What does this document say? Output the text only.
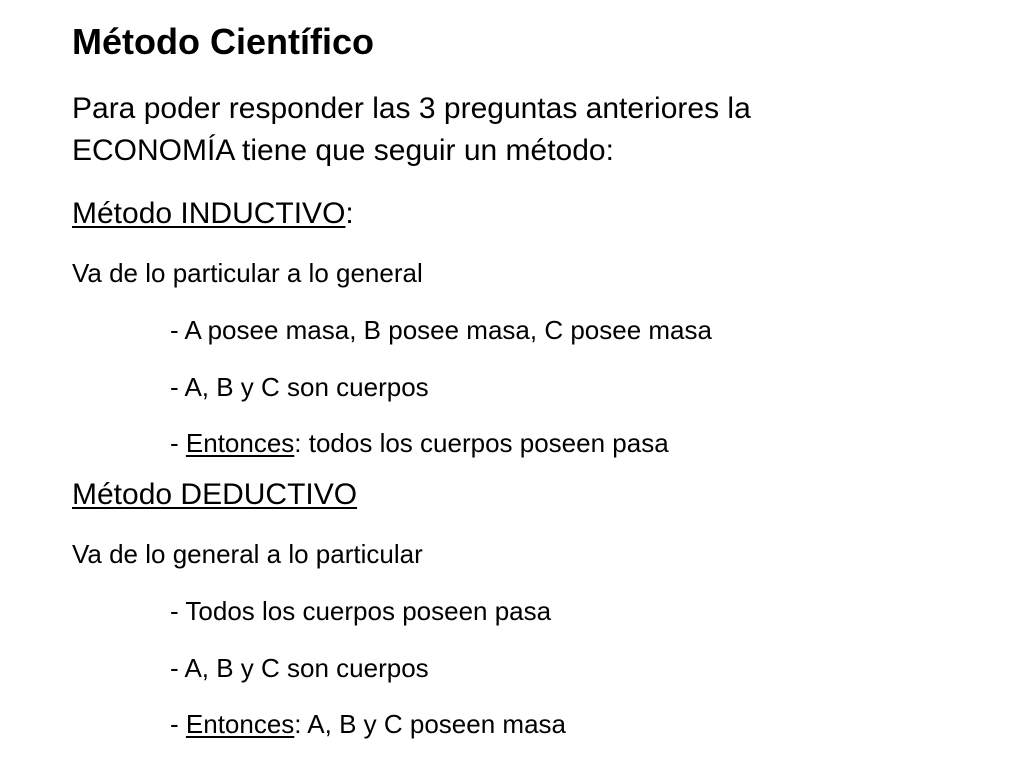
Método Científico
Para poder responder las 3 preguntas anteriores la
ECONOMÍA tiene que seguir un método:
Método INDUCTIVO:
Va de lo particular a lo general
- A posee masa, B posee masa, C posee masa
- A, B y C son cuerpos
- Entonces: todos los cuerpos poseen pasa
Método DEDUCTIVO
Va de lo general a lo particular
- Todos los cuerpos poseen pasa
- A, B y C son cuerpos
- Entonces: A, B y C poseen masa
